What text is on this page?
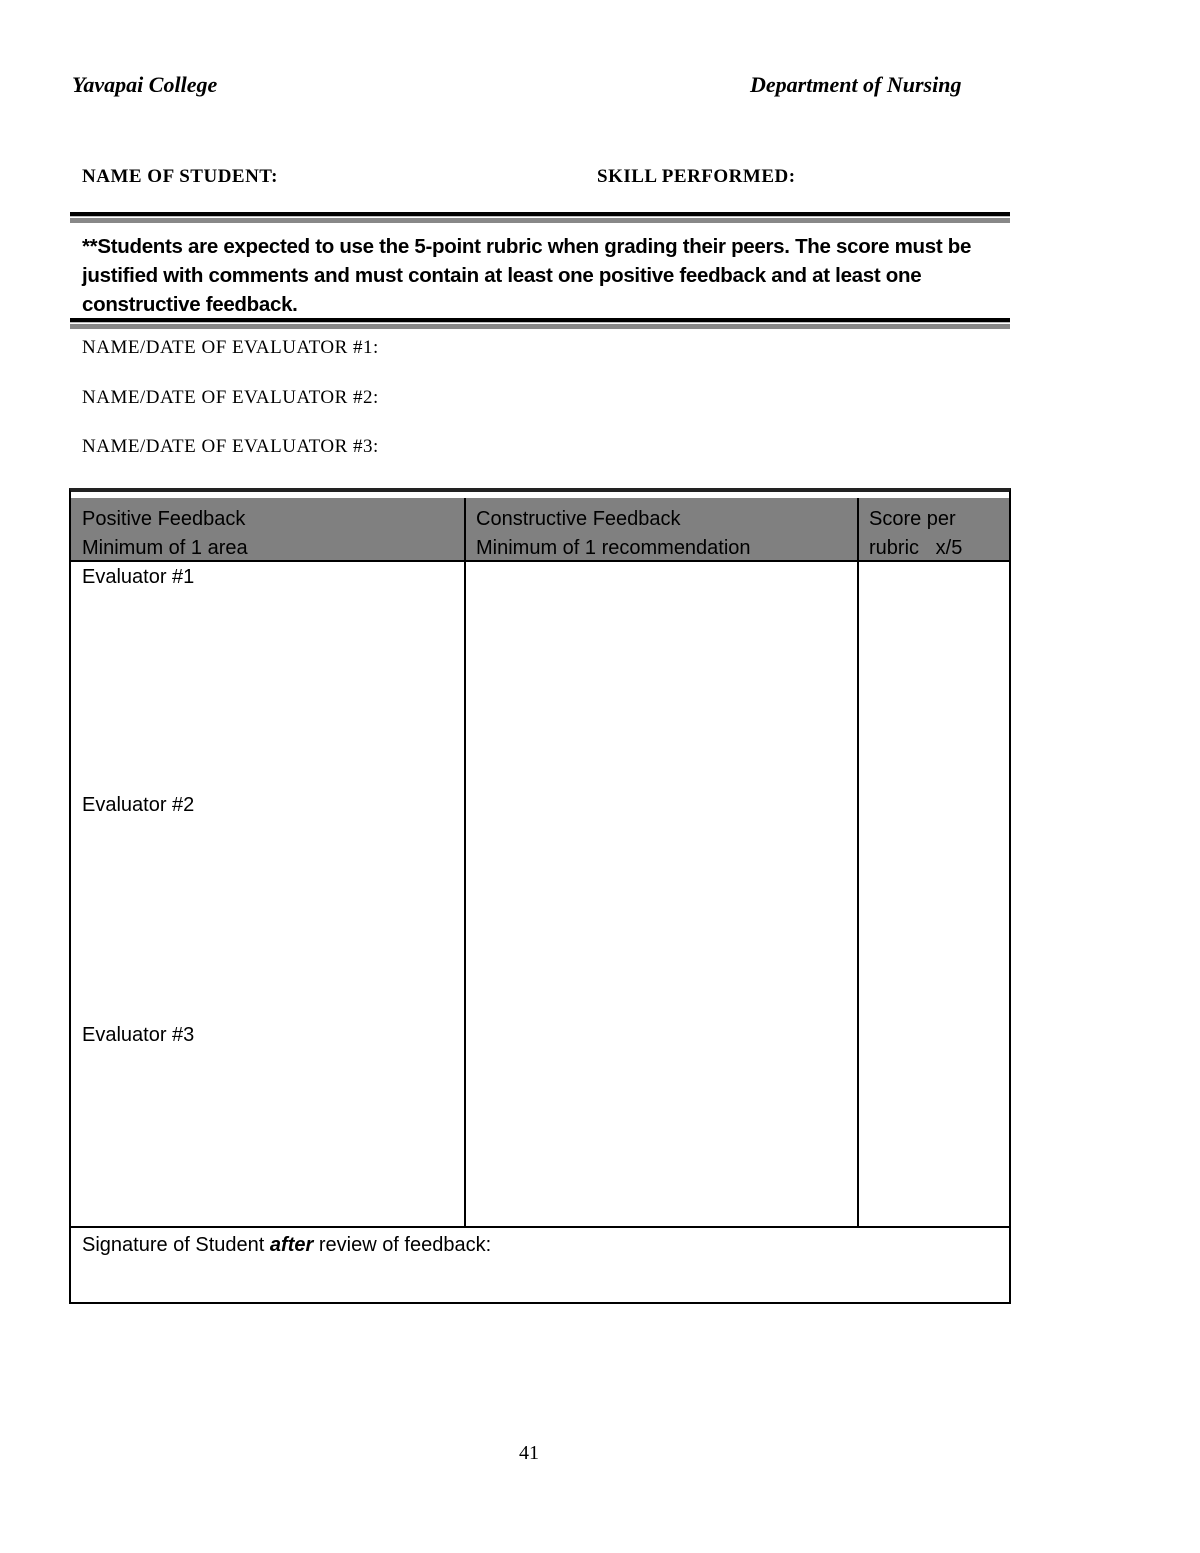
Yavapai College	Department of Nursing
NAME OF STUDENT:	SKILL PERFORMED:
**Students are expected to use the 5-point rubric when grading their peers. The score must be justified with comments and must contain at least one positive feedback and at least one constructive feedback.
NAME/DATE OF EVALUATOR #1:
NAME/DATE OF EVALUATOR #2:
NAME/DATE OF EVALUATOR #3:
Positive Feedback
Minimum of 1 area
Constructive Feedback
Minimum of 1 recommendation
Score per
rubric   x/5
Evaluator #1
Evaluator #2
Evaluator #3
Signature of Student after review of feedback:
41
